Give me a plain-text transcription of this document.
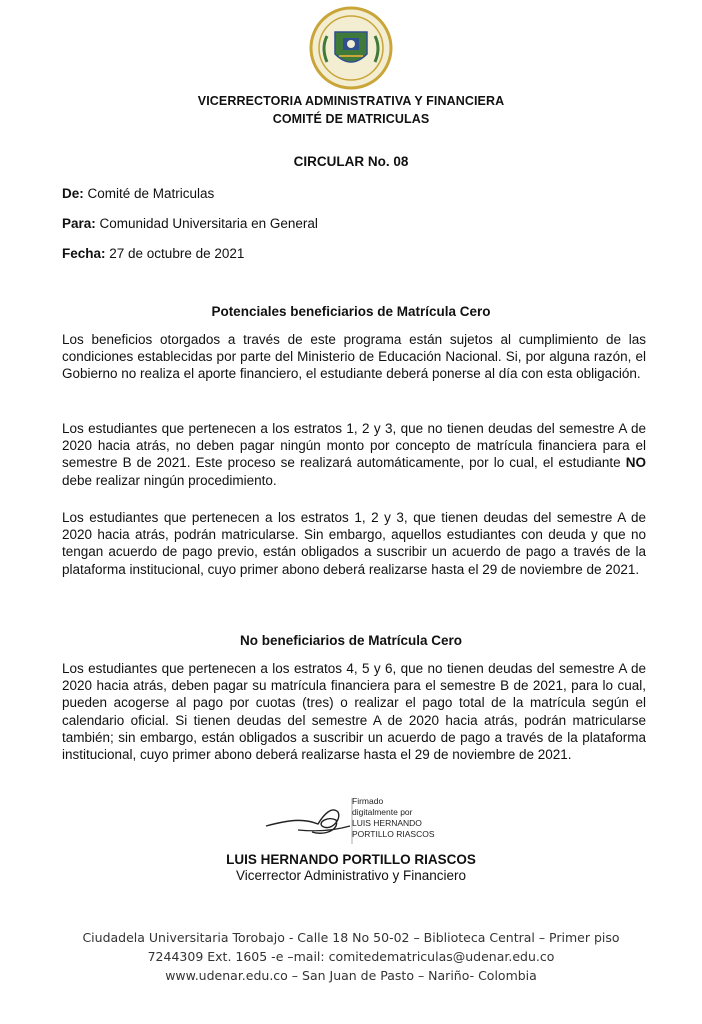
VICERRECTORIA ADMINISTRATIVA Y FINANCIERA
COMITÉ DE MATRICULAS
CIRCULAR No. 08
De: Comité de Matriculas
Para: Comunidad Universitaria en General
Fecha: 27 de octubre de 2021
Potenciales beneficiarios de Matrícula Cero
Los beneficios otorgados a través de este programa están sujetos al cumplimiento de las condiciones establecidas por parte del Ministerio de Educación Nacional. Si, por alguna razón, el Gobierno no realiza el aporte financiero, el estudiante deberá ponerse al día con esta obligación.
Los estudiantes que pertenecen a los estratos 1, 2 y 3, que no tienen deudas del semestre A de 2020 hacia atrás, no deben pagar ningún monto por concepto de matrícula financiera para el semestre B de 2021. Este proceso se realizará automáticamente, por lo cual, el estudiante NO debe realizar ningún procedimiento.
Los estudiantes que pertenecen a los estratos 1, 2 y 3, que tienen deudas del semestre A de 2020 hacia atrás, podrán matricularse. Sin embargo, aquellos estudiantes con deuda y que no tengan acuerdo de pago previo, están obligados a suscribir un acuerdo de pago a través de la plataforma institucional, cuyo primer abono deberá realizarse hasta el 29 de noviembre de 2021.
No beneficiarios de Matrícula Cero
Los estudiantes que pertenecen a los estratos 4, 5 y 6, que no tienen deudas del semestre A de 2020 hacia atrás, deben pagar su matrícula financiera para el semestre B de 2021, para lo cual, pueden acogerse al pago por cuotas (tres) o realizar el pago total de la matrícula según el calendario oficial. Si tienen deudas del semestre A de 2020 hacia atrás, podrán matricularse también; sin embargo, están obligados a suscribir un acuerdo de pago a través de la plataforma institucional, cuyo primer abono deberá realizarse hasta el 29 de noviembre de 2021.
Firmado
digitalmente por
LUIS HERNANDO
PORTILLO RIASCOS
LUIS HERNANDO PORTILLO RIASCOS
Vicerrector Administrativo y Financiero
Ciudadela Universitaria Torobajo - Calle 18 No 50-02 – Biblioteca Central – Primer piso
7244309 Ext. 1605 -e –mail: comitedematriculas@udenar.edu.co
www.udenar.edu.co – San Juan de Pasto – Nariño- Colombia
